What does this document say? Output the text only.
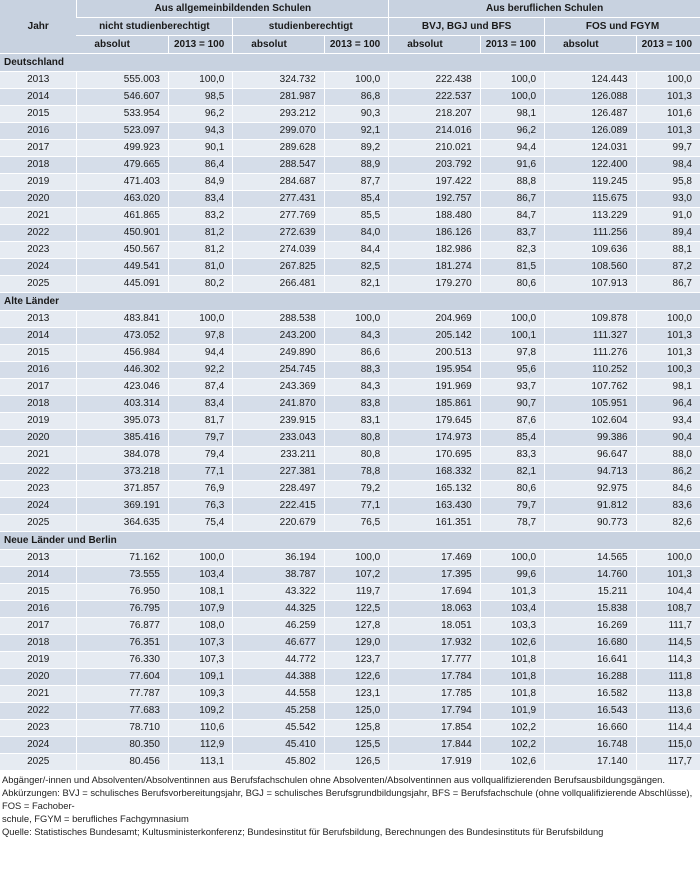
Jahr	Aus allgemeinbildenden Schulen				Aus beruflichen Schulen			
	nicht studienberechtigt		studienberechtigt		BVJ, BGJ und BFS		FOS und FGYM	
	absolut	2013 = 100	absolut	2013 = 100	absolut	2013 = 100	absolut	2013 = 100
Deutschland								
2013	555.003	100,0	324.732	100,0	222.438	100,0	124.443	100,0
2014	546.607	98,5	281.987	86,8	222.537	100,0	126.088	101,3
2015	533.954	96,2	293.212	90,3	218.207	98,1	126.487	101,6
2016	523.097	94,3	299.070	92,1	214.016	96,2	126.089	101,3
2017	499.923	90,1	289.628	89,2	210.021	94,4	124.031	99,7
2018	479.665	86,4	288.547	88,9	203.792	91,6	122.400	98,4
2019	471.403	84,9	284.687	87,7	197.422	88,8	119.245	95,8
2020	463.020	83,4	277.431	85,4	192.757	86,7	115.675	93,0
2021	461.865	83,2	277.769	85,5	188.480	84,7	113.229	91,0
2022	450.901	81,2	272.639	84,0	186.126	83,7	111.256	89,4
2023	450.567	81,2	274.039	84,4	182.986	82,3	109.636	88,1
2024	449.541	81,0	267.825	82,5	181.274	81,5	108.560	87,2
2025	445.091	80,2	266.481	82,1	179.270	80,6	107.913	86,7
Alte Länder								
2013	483.841	100,0	288.538	100,0	204.969	100,0	109.878	100,0
2014	473.052	97,8	243.200	84,3	205.142	100,1	111.327	101,3
2015	456.984	94,4	249.890	86,6	200.513	97,8	111.276	101,3
2016	446.302	92,2	254.745	88,3	195.954	95,6	110.252	100,3
2017	423.046	87,4	243.369	84,3	191.969	93,7	107.762	98,1
2018	403.314	83,4	241.870	83,8	185.861	90,7	105.951	96,4
2019	395.073	81,7	239.915	83,1	179.645	87,6	102.604	93,4
2020	385.416	79,7	233.043	80,8	174.973	85,4	99.386	90,4
2021	384.078	79,4	233.211	80,8	170.695	83,3	96.647	88,0
2022	373.218	77,1	227.381	78,8	168.332	82,1	94.713	86,2
2023	371.857	76,9	228.497	79,2	165.132	80,6	92.975	84,6
2024	369.191	76,3	222.415	77,1	163.430	79,7	91.812	83,6
2025	364.635	75,4	220.679	76,5	161.351	78,7	90.773	82,6
Neue Länder und Berlin								
2013	71.162	100,0	36.194	100,0	17.469	100,0	14.565	100,0
2014	73.555	103,4	38.787	107,2	17.395	99,6	14.760	101,3
2015	76.950	108,1	43.322	119,7	17.694	101,3	15.211	104,4
2016	76.795	107,9	44.325	122,5	18.063	103,4	15.838	108,7
2017	76.877	108,0	46.259	127,8	18.051	103,3	16.269	111,7
2018	76.351	107,3	46.677	129,0	17.932	102,6	16.680	114,5
2019	76.330	107,3	44.772	123,7	17.777	101,8	16.641	114,3
2020	77.604	109,1	44.388	122,6	17.784	101,8	16.288	111,8
2021	77.787	109,3	44.558	123,1	17.785	101,8	16.582	113,8
2022	77.683	109,2	45.258	125,0	17.794	101,9	16.543	113,6
2023	78.710	110,6	45.542	125,8	17.854	102,2	16.660	114,4
2024	80.350	112,9	45.410	125,5	17.844	102,2	16.748	115,0
2025	80.456	113,1	45.802	126,5	17.919	102,6	17.140	117,7

Abgänger/-innen und Absolventen/Absolventinnen aus Berufsfachschulen ohne Absolventen/Absolventinnen aus vollqualifizierenden Berufsausbildungsgängen.

Abkürzungen: BVJ = schulisches Berufsvorbereitungsjahr, BGJ = schulisches Berufsgrundbildungsjahr, BFS = Berufsfachschule (ohne vollqualifizierende Abschlüsse), FOS = Fachober-

schule, FGYM = berufliches Fachgymnasium

Quelle: Statistisches Bundesamt; Kultusministerkonferenz; Bundesinstitut für Berufsbildung, Berechnungen des Bundesinstituts für Berufsbildung
